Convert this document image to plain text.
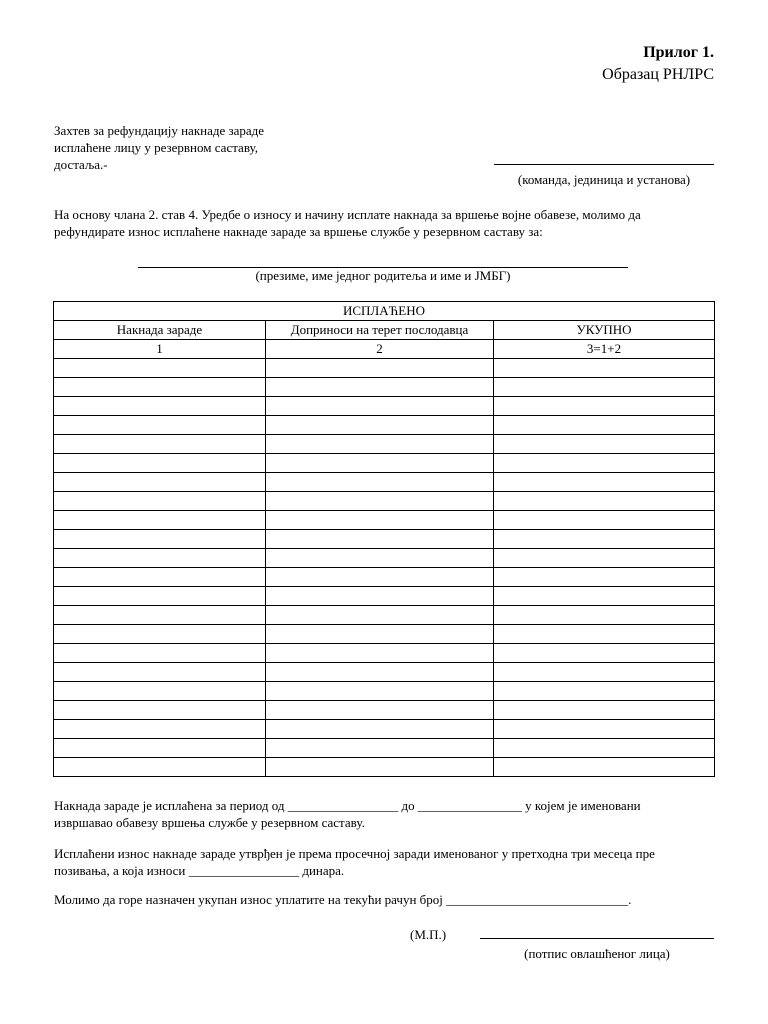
Прилог 1.
Образац РНЛРС
Захтев за рефундацију накнаде зараде
исплаћене лицу у резервном саставу,
достаља.-
(команда, јединица и установа)
На основу члана 2. став 4. Уредбе о износу и начину исплате накнада за вршење војне обавезе, молимо да
рефундирате износ исплаћене накнаде зараде за вршење службе у резервном саставу за:
(презиме, име једног родитеља и име и ЈМБГ)
ИСПЛАЋЕНО		
Накнада зараде	Доприноси на терет послодавца	УКУПНО
1	2	3=1+2

Накнада зараде је исплаћена за период од _________________ до ________________ у којем је именовани
извршавао обавезу вршења службе у резервном саставу.
Исплаћени износ накнаде зараде утврђен је према просечној заради именованог у претходна три месеца пре
позивања, а која износи _________________ динара.
Молимо да горе назначен укупан износ уплатите на текући рачун број ____________________________.
(М.П.)
(потпис овлашћеног лица)
